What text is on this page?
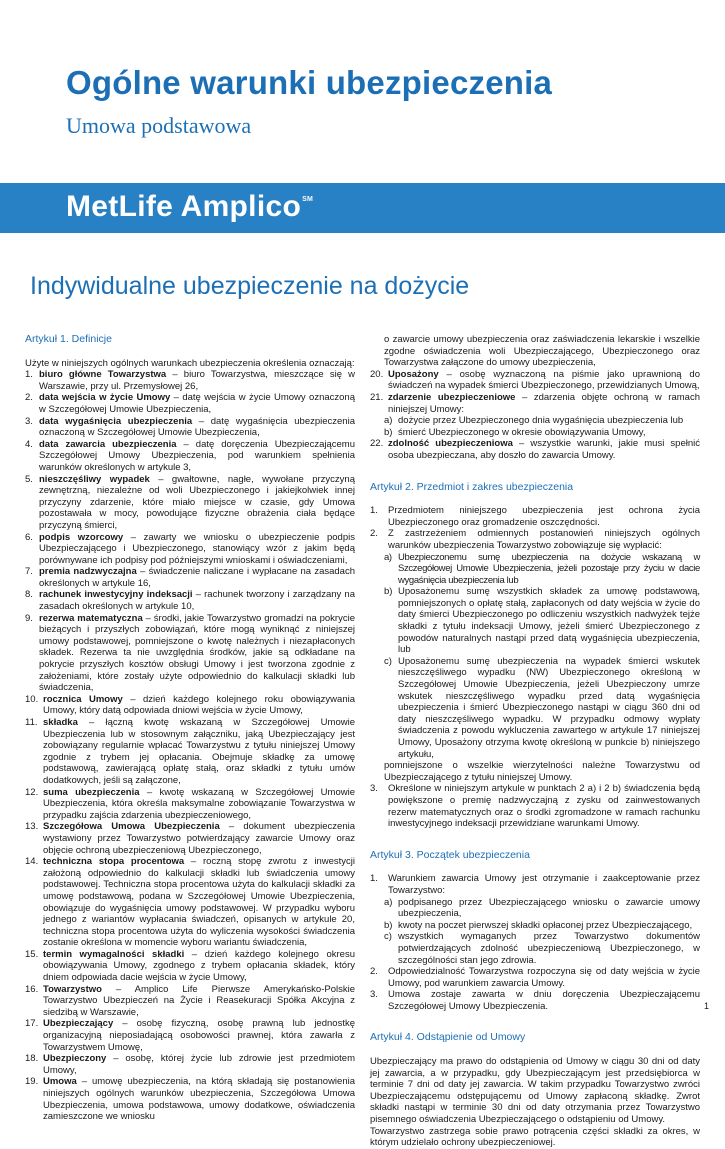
Ogólne warunki ubezpieczenia
Umowa podstawowa
MetLife Amplico℠
Indywidualne ubezpieczenie na dożycie
Artykuł 1. Definicje

Użyte w niniejszych ogólnych warunkach ubezpieczenia określenia oznaczają:

1. biuro główne Towarzystwa – biuro Towarzystwa, mieszczące się w Warszawie, przy ul. Przemysłowej 26,
2. data wejścia w życie Umowy – datę wejścia w życie Umowy oznaczoną w Szczegółowej Umowie Ubezpieczenia,
3. data wygaśnięcia ubezpieczenia – datę wygaśnięcia ubezpieczenia oznaczoną w Szczegółowej Umowie Ubezpieczenia,
4. data zawarcia ubezpieczenia – datę doręczenia Ubezpieczającemu Szczegółowej Umowy Ubezpieczenia, pod warunkiem spełnienia warunków określonych w artykule 3,
5. nieszczęśliwy wypadek – gwałtowne, nagłe, wywołane przyczyną zewnętrzną, niezależne od woli Ubezpieczonego i jakiejkolwiek innej przyczyny zdarzenie, które miało miejsce w czasie, gdy Umowa pozostawała w mocy, powodujące fizyczne obrażenia ciała będące przyczyną śmierci,
6. podpis wzorcowy – zawarty we wniosku o ubezpieczenie podpis Ubezpieczającego i Ubezpieczonego, stanowiący wzór z jakim będą porównywane ich podpisy pod późniejszymi wnioskami i oświadczeniami,
7. premia nadzwyczajna – świadczenie naliczane i wypłacane na zasadach określonych w artykule 16,
8. rachunek inwestycyjny indeksacji – rachunek tworzony i zarządzany na zasadach określonych w artykule 10,
9. rezerwa matematyczna – środki, jakie Towarzystwo gromadzi na pokrycie bieżących i przyszłych zobowiązań, które mogą wyniknąć z niniejszej umowy podstawowej, pomniejszone o kwotę należnych i niezapłaconych składek. Rezerwa ta nie uwzględnia środków, jakie są odkładane na pokrycie przyszłych kosztów obsługi Umowy i jest tworzona zgodnie z założeniami, które zostały użyte odpowiednio do kalkulacji składki lub świadczenia,
10. rocznica Umowy – dzień każdego kolejnego roku obowiązywania Umowy, który datą odpowiada dniowi wejścia w życie Umowy,
11. składka – łączną kwotę wskazaną w Szczegółowej Umowie Ubezpieczenia lub w stosownym załączniku, jaką Ubezpieczający jest zobowiązany regularnie wpłacać Towarzystwu z tytułu niniejszej Umowy zgodnie z trybem jej opłacania. Obejmuje składkę za umowę podstawową, zawierającą opłatę stałą, oraz składki z tytułu umów dodatkowych, jeśli są załączone,
12. suma ubezpieczenia – kwotę wskazaną w Szczegółowej Umowie Ubezpieczenia, która określa maksymalne zobowiązanie Towarzystwa w przypadku zajścia zdarzenia ubezpieczeniowego,
13. Szczegółowa Umowa Ubezpieczenia – dokument ubezpieczenia wystawiony przez Towarzystwo potwierdzający zawarcie Umowy oraz objęcie ochroną ubezpieczeniową Ubezpieczonego,
14. techniczna stopa procentowa – roczną stopę zwrotu z inwestycji założoną odpowiednio do kalkulacji składki lub świadczenia umowy podstawowej. Techniczna stopa procentowa użyta do kalkulacji składki za umowę podstawową, podana w Szczegółowej Umowie Ubezpieczenia, obowiązuje do wygaśnięcia umowy podstawowej. W przypadku wyboru jednego z wariantów wypłacania świadczeń, opisanych w artykule 20, techniczna stopa procentowa użyta do wyliczenia wysokości świadczenia zostanie określona w momencie wyboru wariantu świadczenia,
15. termin wymagalności składki – dzień każdego kolejnego okresu obowiązywania Umowy, zgodnego z trybem opłacania składek, który dniem odpowiada dacie wejścia w życie Umowy,
16. Towarzystwo – Amplico Life Pierwsze Amerykańsko-Polskie Towarzystwo Ubezpieczeń na Życie i Reasekuracji Spółka Akcyjna z siedzibą w Warszawie,
17. Ubezpieczający – osobę fizyczną, osobę prawną lub jednostkę organizacyjną nieposiadającą osobowości prawnej, która zawarła z Towarzystwem Umowę,
18. Ubezpieczony – osobę, której życie lub zdrowie jest przedmiotem Umowy,
19. Umowa – umowę ubezpieczenia, na którą składają się postanowienia niniejszych ogólnych warunków ubezpieczenia, Szczegółowa Umowa Ubezpieczenia, umowa podstawowa, umowy dodatkowe, oświadczenia zamieszczone we wniosku

o zawarcie umowy ubezpieczenia oraz zaświadczenia lekarskie i wszelkie zgodne oświadczenia woli Ubezpieczającego, Ubezpieczonego oraz Towarzystwa załączone do umowy ubezpieczenia,

20. Uposażony – osobę wyznaczoną na piśmie jako uprawnioną do świadczeń na wypadek śmierci Ubezpieczonego, przewidzianych Umową,
21. zdarzenie ubezpieczeniowe – zdarzenia objęte ochroną w ramach niniejszej Umowy:
a) dożycie przez Ubezpieczonego dnia wygaśnięcia ubezpieczenia lub
b) śmierć Ubezpieczonego w okresie obowiązywania Umowy,
22. zdolność ubezpieczeniowa – wszystkie warunki, jakie musi spełnić osoba ubezpieczana, aby doszło do zawarcia Umowy.
Artykuł 2. Przedmiot i zakres ubezpieczenia
1. Przedmiotem niniejszego ubezpieczenia jest ochrona życia Ubezpieczonego oraz gromadzenie oszczędności.
2. Z zastrzeżeniem odmiennych postanowień niniejszych ogólnych warunków ubezpieczenia Towarzystwo zobowiązuje się wypłacić:
a) Ubezpieczonemu sumę ubezpieczenia na dożycie wskazaną w Szczegółowej Umowie Ubezpieczenia, jeżeli pozostaje przy życiu w dacie wygaśnięcia ubezpieczenia lub
b) Uposażonemu sumę wszystkich składek za umowę podstawową, pomniejszonych o opłatę stałą, zapłaconych od daty wejścia w życie do daty śmierci Ubezpieczonego po odliczeniu wszystkich nadwyżek tejże składki z tytułu indeksacji Umowy, jeżeli śmierć Ubezpieczonego z powodów naturalnych nastąpi przed datą wygaśnięcia ubezpieczenia, lub
c) Uposażonemu sumę ubezpieczenia na wypadek śmierci wskutek nieszczęśliwego wypadku (NW) Ubezpieczonego określoną w Szczegółowej Umowie Ubezpieczenia, jeżeli Ubezpieczony umrze wskutek nieszczęśliwego wypadku przed datą wygaśnięcia ubezpieczenia i śmierć Ubezpieczonego nastąpi w ciągu 360 dni od daty nieszczęśliwego wypadku. W przypadku odmowy wypłaty świadczenia z powodu wykluczenia zawartego w artykule 17 niniejszej Umowy, Uposażony otrzyma kwotę określoną w punkcie b) niniejszego artykułu,

pomniejszone o wszelkie wierzytelności należne Towarzystwu od Ubezpieczającego z tytułu niniejszej Umowy.

3. Określone w niniejszym artykule w punktach 2 a) i 2 b) świadczenia będą powiększone o premię nadzwyczajną z zysku od zainwestowanych rezerw matematycznych oraz o środki zgromadzone w ramach rachunku inwestycyjnego indeksacji przewidziane warunkami Umowy.
Artykuł 3. Początek ubezpieczenia
1. Warunkiem zawarcia Umowy jest otrzymanie i zaakceptowanie przez Towarzystwo:
a) podpisanego przez Ubezpieczającego wniosku o zawarcie umowy ubezpieczenia,
b) kwoty na poczet pierwszej składki opłaconej przez Ubezpieczającego,
c) wszystkich wymaganych przez Towarzystwo dokumentów potwierdzających zdolność ubezpieczeniową Ubezpieczonego, w szczególności stan jego zdrowia.
2. Odpowiedzialność Towarzystwa rozpoczyna się od daty wejścia w życie Umowy, pod warunkiem zawarcia Umowy.
3. Umowa zostaje zawarta w dniu doręczenia Ubezpieczającemu Szczegółowej Umowy Ubezpieczenia.
Artykuł 4. Odstąpienie od Umowy

Ubezpieczający ma prawo do odstąpienia od Umowy w ciągu 30 dni od daty jej zawarcia, a w przypadku, gdy Ubezpieczającym jest przedsiębiorca w terminie 7 dni od daty jej zawarcia. W takim przypadku Towarzystwo zwróci Ubezpieczającemu odstępującemu od Umowy zapłaconą składkę. Zwrot składki nastąpi w terminie 30 dni od daty otrzymania przez Towarzystwo pisemnego oświadczenia Ubezpieczającego o odstąpieniu od Umowy.

Towarzystwo zastrzega sobie prawo potrącenia części składki za okres, w którym udzielało ochrony ubezpieczeniowej.

1
